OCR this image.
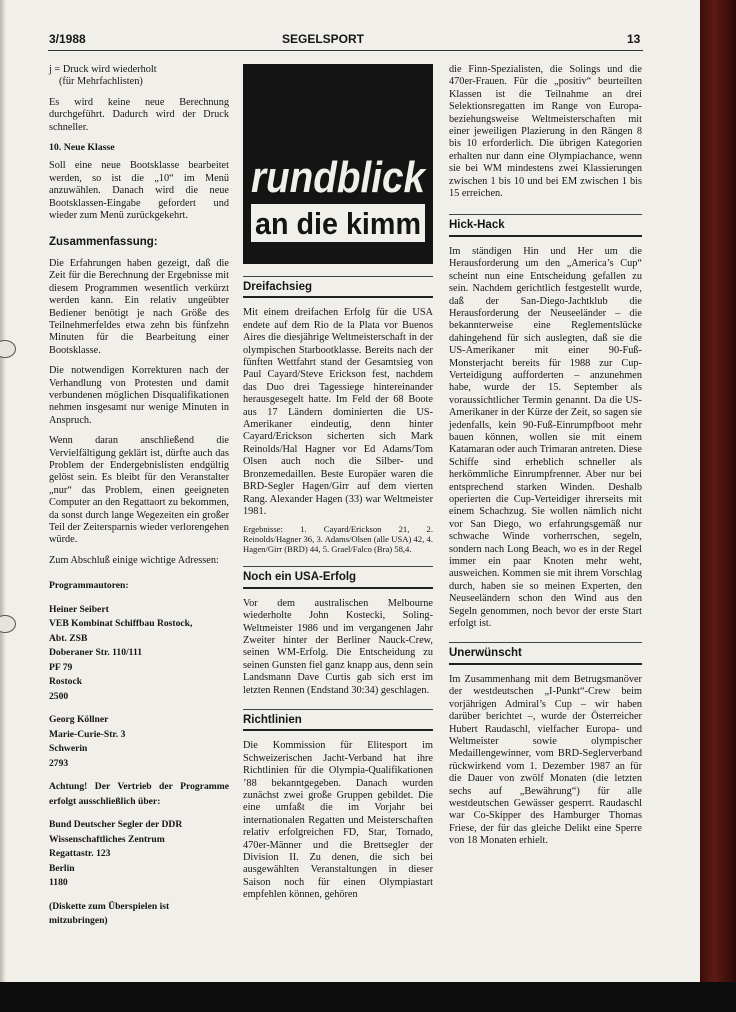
3/1988	SEGELSPORT	13
j = Druck wird wiederholt
(für Mehrfachlisten)

Es wird keine neue Berechnung durchgeführt. Dadurch wird der Druck schneller.

10. Neue Klasse

Soll eine neue Bootsklasse bearbeitet werden, so ist die „10“ im Menü anzuwählen. Danach wird die neue Bootsklassen-Eingabe gefordert und wieder zum Menü zurückgekehrt.

Zusammenfassung:

Die Erfahrungen haben gezeigt, daß die Zeit für die Berechnung der Ergebnisse mit diesem Programmen wesentlich verkürzt werden kann. Ein relativ ungeübter Bediener benötigt je nach Größe des Teilnehmerfeldes etwa zehn bis fünfzehn Minuten für die Bearbeitung einer Bootsklasse.

Die notwendigen Korrekturen nach der Verhandlung von Protesten und damit verbundenen möglichen Disqualifikationen nehmen insgesamt nur wenige Minuten in Anspruch.

Wenn daran anschließend die Vervielfältigung geklärt ist, dürfte auch das Problem der Endergebnislisten endgültig gelöst sein. Es bleibt für den Veranstalter „nur“ das Problem, einen geeigneten Computer an den Regattaort zu bekommen, da sonst durch lange Wegezeiten ein großer Teil der Zeitersparnis wieder verlorengehen würde.

Zum Abschluß einige wichtige Adressen:

Programmautoren:
Heiner Seibert
VEB Kombinat Schiffbau Rostock,
Abt. ZSB
Doberaner Str. 110/111
PF 79
Rostock
2500
Georg Köllner
Marie-Curie-Str. 3
Schwerin
2793
Achtung! Der Vertrieb der Programme erfolgt ausschließlich über:
Bund Deutscher Segler der DDR
Wissenschaftliches Zentrum
Regattastr. 123
Berlin
1180
(Diskette zum Überspielen ist mitzubringen)
rundblick
an die kimm
Dreifachsieg

Mit einem dreifachen Erfolg für die USA endete auf dem Rio de la Plata vor Buenos Aires die diesjährige Weltmeisterschaft in der olympischen Starbootklasse. Bereits nach der fünften Wettfahrt stand der Gesamtsieg von Paul Cayard/Steve Erickson fest, nachdem das Duo drei Tagessiege hintereinander herausgesegelt hatte. Im Feld der 68 Boote aus 17 Ländern dominierten die US-Amerikaner eindeutig, denn hinter Cayard/Erickson sicherten sich Mark Reinolds/Hal Hagner vor Ed Adams/Tom Olsen auch noch die Silber- und Bronzemedaillen. Beste Europäer waren die BRD-Segler Hagen/Girr auf dem vierten Rang. Alexander Hagen (33) war Weltmeister 1981.

Ergebnisse: 1. Cayard/Erickson 21, 2. Reinolds/Hagner 36, 3. Adams/Olsen (alle USA) 42, 4. Hagen/Girr (BRD) 44, 5. Grael/Falco (Bra) 58,4.
Noch ein USA-Erfolg

Vor dem australischen Melbourne wiederholte John Kostecki, Soling-Weltmeister 1986 und im vergangenen Jahr Zweiter hinter der Berliner Nauck-Crew, seinen WM-Erfolg. Die Entscheidung zu seinen Gunsten fiel ganz knapp aus, denn sein Landsmann Dave Curtis gab sich erst im letzten Rennen (Endstand 30:34) geschlagen.

Richtlinien

Die Kommission für Elitesport im Schweizerischen Jacht-Verband hat ihre Richtlinien für die Olympia-Qualifikationen ’88 bekanntgegeben. Danach wurden zunächst zwei große Gruppen gebildet. Die eine umfaßt die im Vorjahr bei internationalen Regatten und Meisterschaften relativ erfolgreichen FD, Star, Tornado, 470er-Männer und die Brettsegler der Division II. Zu denen, die sich bei ausgewählten Veranstaltungen in dieser Saison noch für einen Olympiastart empfehlen können, gehören

die Finn-Spezialisten, die Solings und die 470er-Frauen. Für die „positiv“ beurteilten Klassen ist die Teilnahme an drei Selektionsregatten im Range von Europa- beziehungsweise Weltmeisterschaften mit einer jeweiligen Plazierung in den Rängen 8 bis 10 erforderlich. Die übrigen Kategorien erhalten nur dann eine Olympiachance, wenn sie bei WM mindestens zwei Klassierungen zwischen 1 bis 10 und bei EM zwischen 1 bis 15 erreichen.

Hick-Hack

Im ständigen Hin und Her um die Herausforderung um den „America’s Cup“ scheint nun eine Entscheidung gefallen zu sein. Nachdem gerichtlich festgestellt wurde, daß der San-Diego-Jachtklub die Herausforderung der Neuseeländer – die bekannterweise eine Reglementslücke dahingehend für sich auslegten, daß sie die US-Amerikaner mit einer 90-Fuß-Monsterjacht bereits für 1988 zur Cup-Verteidigung aufforderten – anzunehmen habe, wurde der 15. September als voraussichtlicher Termin genannt. Da die US-Amerikaner in der Kürze der Zeit, so sagen sie jedenfalls, kein 90-Fuß-Einrumpfboot mehr bauen können, wollen sie mit einem Katamaran oder auch Trimaran antreten. Diese Schiffe sind erheblich schneller als herkömmliche Einrumpfrenner. Aber nur bei entsprechend starken Winden. Deshalb operierten die Cup-Verteidiger ihrerseits mit einem Schachzug. Sie wollen nämlich nicht vor San Diego, wo erfahrungsgemäß nur schwache Winde vorherrschen, segeln, sondern nach Long Beach, wo es in der Regel immer ein paar Knoten mehr weht, ausweichen. Kommen sie mit ihrem Vorschlag durch, haben sie so meinen Experten, den Neuseeländern schon den Wind aus den Segeln genommen, noch bevor der erste Start erfolgt ist.

Unerwünscht

Im Zusammenhang mit dem Betrugsmanöver der westdeutschen „I-Punkt“-Crew beim vorjährigen Admiral’s Cup – wir haben darüber berichtet –, wurde der Österreicher Hubert Raudaschl, vielfacher Europa- und Weltmeister sowie olympischer Medaillengewinner, vom BRD-Seglerverband rückwirkend vom 1. Dezember 1987 an für die Dauer von zwölf Monaten (die letzten sechs auf „Bewährung“) für alle westdeutschen Gewässer gesperrt. Raudaschl war Co-Skipper des Hamburger Thomas Friese, der für das gleiche Delikt eine Sperre von 18 Monaten erhielt.
